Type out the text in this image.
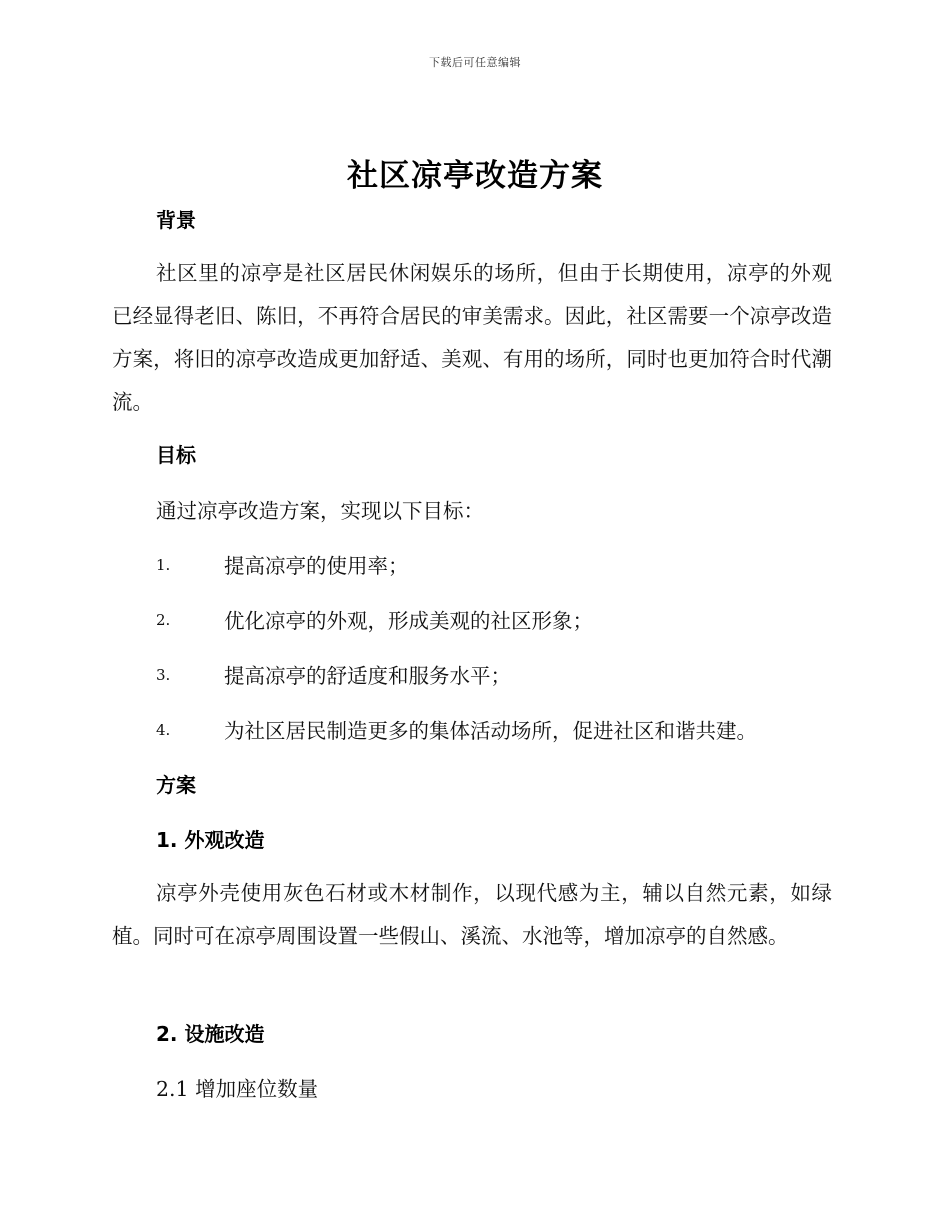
下载后可任意编辑
社区凉亭改造方案
背景
社区里的凉亭是社区居民休闲娱乐的场所，但由于长期使用，凉亭的外观已经显得老旧、陈旧，不再符合居民的审美需求。因此，社区需要一个凉亭改造方案，将旧的凉亭改造成更加舒适、美观、有用的场所，同时也更加符合时代潮流。
目标
通过凉亭改造方案，实现以下目标：
1.	提高凉亭的使用率；
2.	优化凉亭的外观，形成美观的社区形象；
3.	提高凉亭的舒适度和服务水平；
4.	为社区居民制造更多的集体活动场所，促进社区和谐共建。
方案
1. 外观改造
凉亭外壳使用灰色石材或木材制作，以现代感为主，辅以自然元素，如绿植。同时可在凉亭周围设置一些假山、溪流、水池等，增加凉亭的自然感。
2. 设施改造
2.1 增加座位数量
